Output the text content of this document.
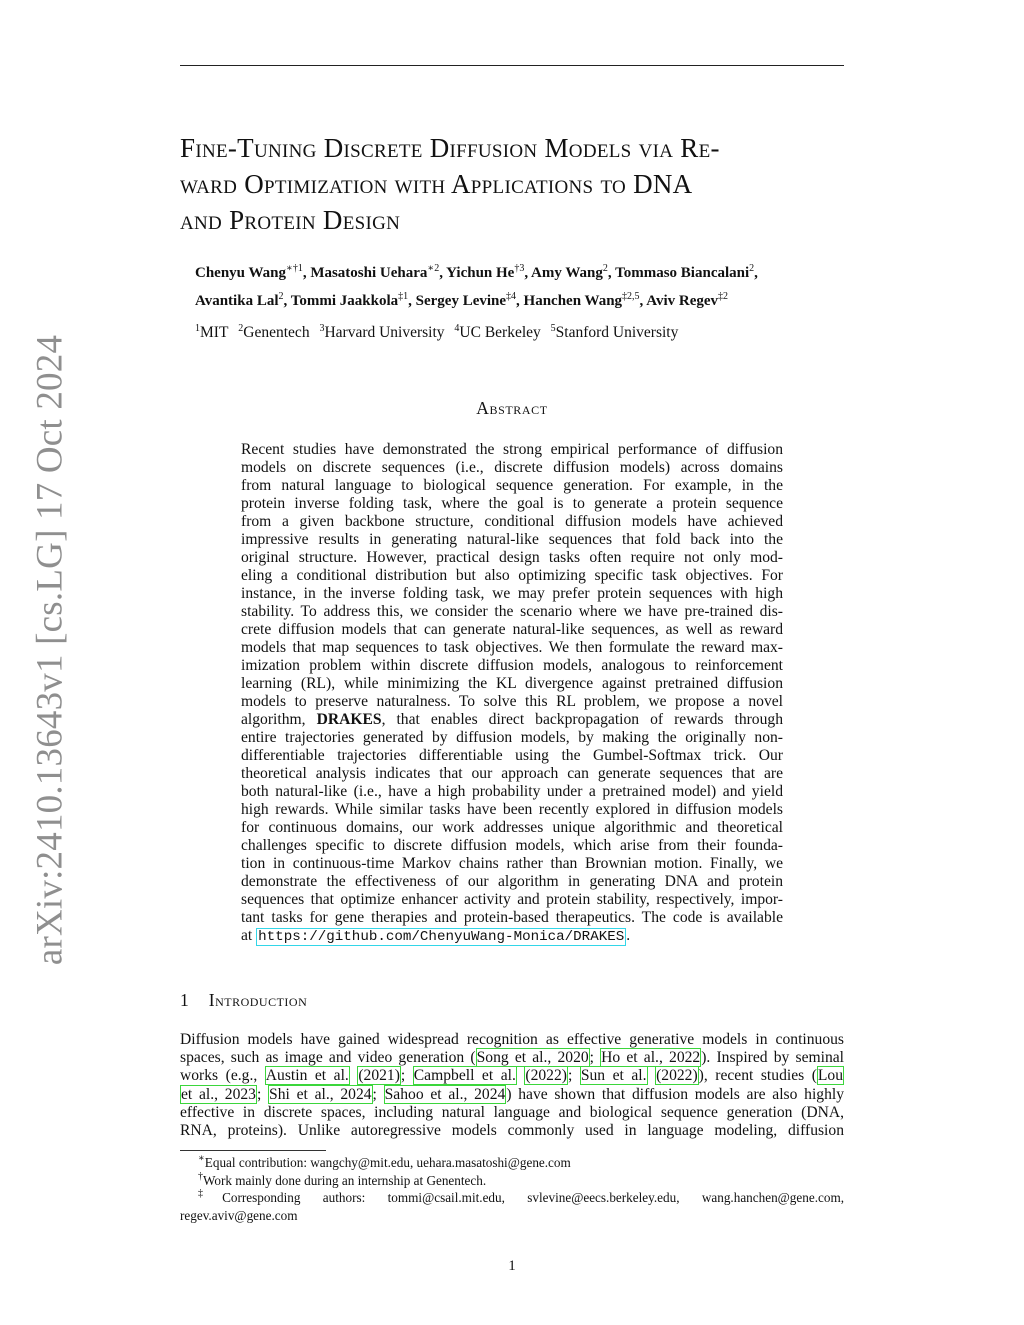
arXiv:2410.13643v1 [cs.LG] 17 Oct 2024
Fine-Tuning Discrete Diffusion Models via Re-
ward Optimization with Applications to DNA
and Protein Design
Chenyu Wang$^{∗\dagger 1}$, Masatoshi Uehara$^{∗2}$, Yichun He$^{\dagger 3}$, Amy Wang$^2$, Tommaso Biancalani$^2$,
Avantika Lal$^2$, Tommi Jaakkola$^{\ddagger 1}$, Sergey Levine$^{\ddagger 4}$, Hanchen Wang$^{\ddagger 2,5}$, Aviv Regev$^{\ddagger 2}$
$^1$MIT $^2$Genentech $^3$Harvard University $^4$UC Berkeley $^5$Stanford University
Abstract
Recent studies have demonstrated the strong empirical performance of diffusion
models on discrete sequences (i.e., discrete diffusion models) across domains
from natural language to biological sequence generation. For example, in the
protein inverse folding task, where the goal is to generate a protein sequence
from a given backbone structure, conditional diffusion models have achieved
impressive results in generating natural-like sequences that fold back into the
original structure. However, practical design tasks often require not only mod-
eling a conditional distribution but also optimizing specific task objectives. For
instance, in the inverse folding task, we may prefer protein sequences with high
stability. To address this, we consider the scenario where we have pre-trained dis-
crete diffusion models that can generate natural-like sequences, as well as reward
models that map sequences to task objectives. We then formulate the reward max-
imization problem within discrete diffusion models, analogous to reinforcement
learning (RL), while minimizing the KL divergence against pretrained diffusion
models to preserve naturalness. To solve this RL problem, we propose a novel
algorithm, DRAKES, that enables direct backpropagation of rewards through
entire trajectories generated by diffusion models, by making the originally non-
differentiable trajectories differentiable using the Gumbel-Softmax trick. Our
theoretical analysis indicates that our approach can generate sequences that are
both natural-like (i.e., have a high probability under a pretrained model) and yield
high rewards. While similar tasks have been recently explored in diffusion models
for continuous domains, our work addresses unique algorithmic and theoretical
challenges specific to discrete diffusion models, which arise from their founda-
tion in continuous-time Markov chains rather than Brownian motion. Finally, we
demonstrate the effectiveness of our algorithm in generating DNA and protein
sequences that optimize enhancer activity and protein stability, respectively, impor-
tant tasks for gene therapies and protein-based therapeutics. The code is available
at https://github.com/ChenyuWang-Monica/DRAKES .
1 Introduction
Diffusion models have gained widespread recognition as effective generative models in continuous
spaces, such as image and video generation (Song et al., 2020; Ho et al., 2022). Inspired by seminal
works (e.g., Austin et al. (2021); Campbell et al. (2022); Sun et al. (2022)), recent studies (Lou
et al., 2023; Shi et al., 2024; Sahoo et al., 2024) have shown that diffusion models are also highly
effective in discrete spaces, including natural language and biological sequence generation (DNA,
RNA, proteins). Unlike autoregressive models commonly used in language modeling, diffusion
∗Equal contribution: wangchy@mit.edu, uehara.masatoshi@gene.com
†Work mainly done during an internship at Genentech.
‡Corresponding authors: tommi@csail.mit.edu, svlevine@eecs.berkeley.edu, wang.hanchen@gene.com,
regev.aviv@gene.com
1
